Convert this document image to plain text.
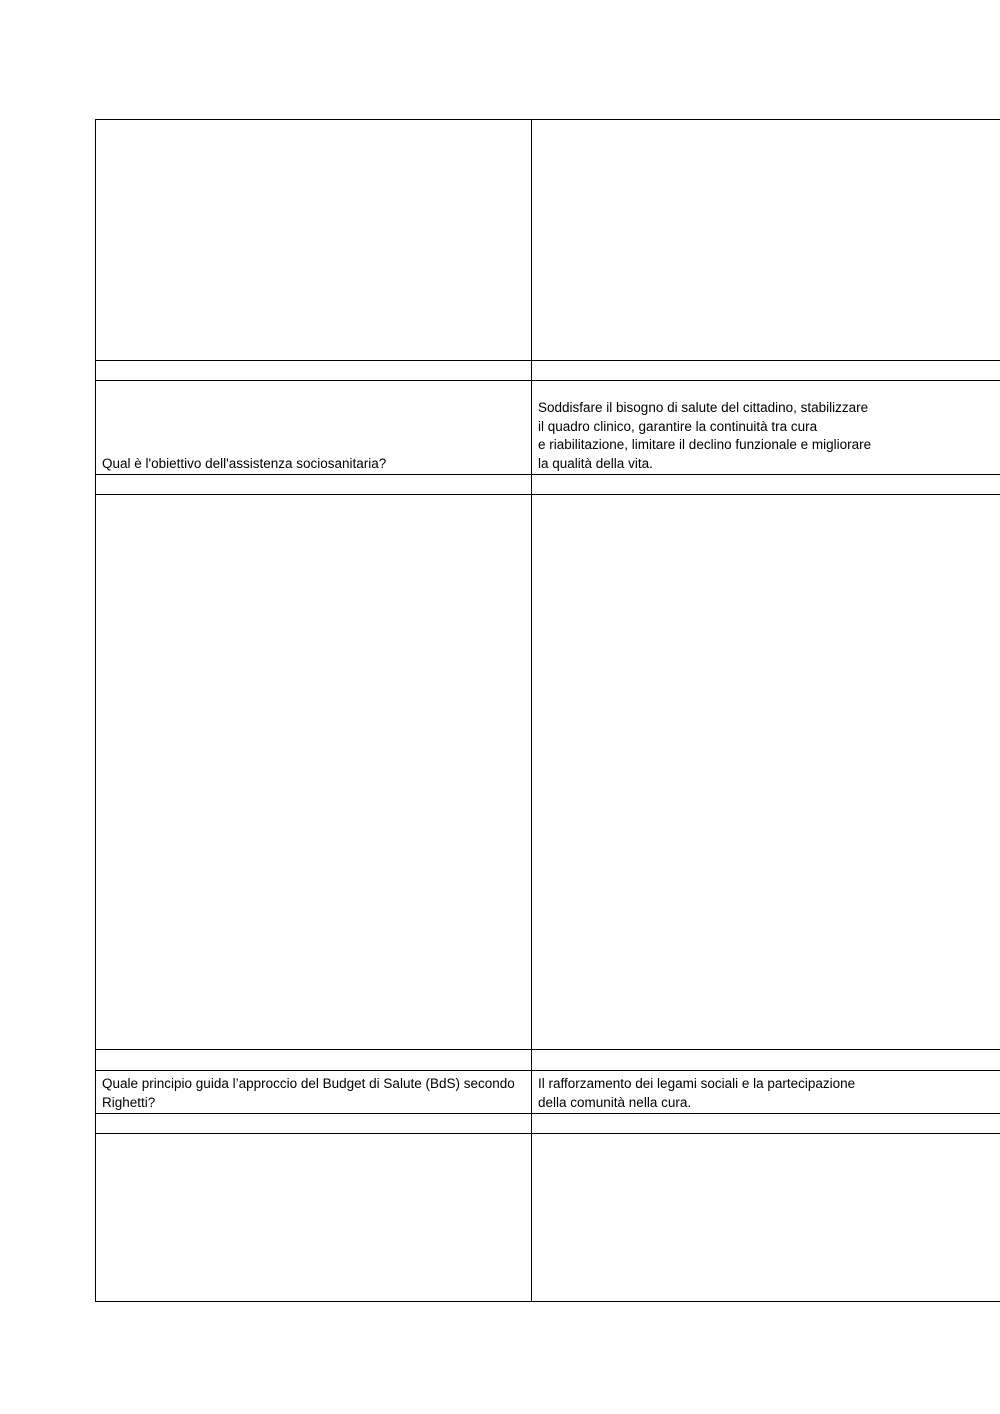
Qual è l'obiettivo dell'assistenza sociosanitaria?	Soddisfare il bisogno di salute del cittadino, stabilizzare
il quadro clinico, garantire la continuità tra cura
e riabilitazione, limitare il declino funzionale e migliorare
la qualità della vita.

Quale principio guida l’approccio del Budget di Salute (BdS) secondo
Righetti?	Il rafforzamento dei legami sociali e la partecipazione
della comunità nella cura.
